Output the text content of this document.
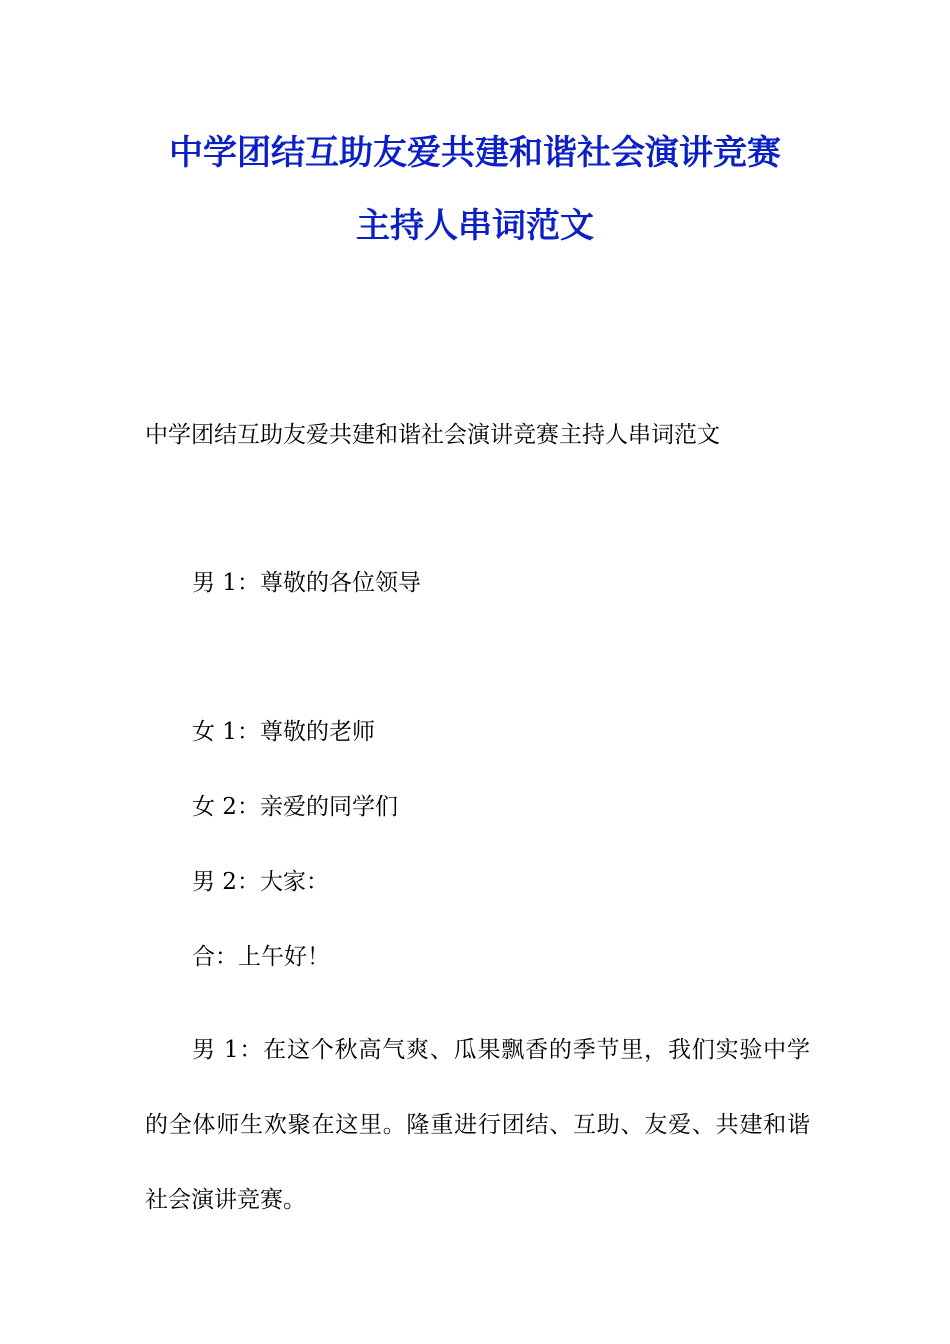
中学团结互助友爱共建和谐社会演讲竞赛
主持人串词范文

中学团结互助友爱共建和谐社会演讲竞赛主持人串词范文

男 1：尊敬的各位领导

女 1：尊敬的老师

女 2：亲爱的同学们

男 2：大家：

合：上午好！

男 1：在这个秋高气爽、瓜果飘香的季节里，我们实验中学的全体师生欢聚在这里。隆重进行团结、互助、友爱、共建和谐社会演讲竞赛。
